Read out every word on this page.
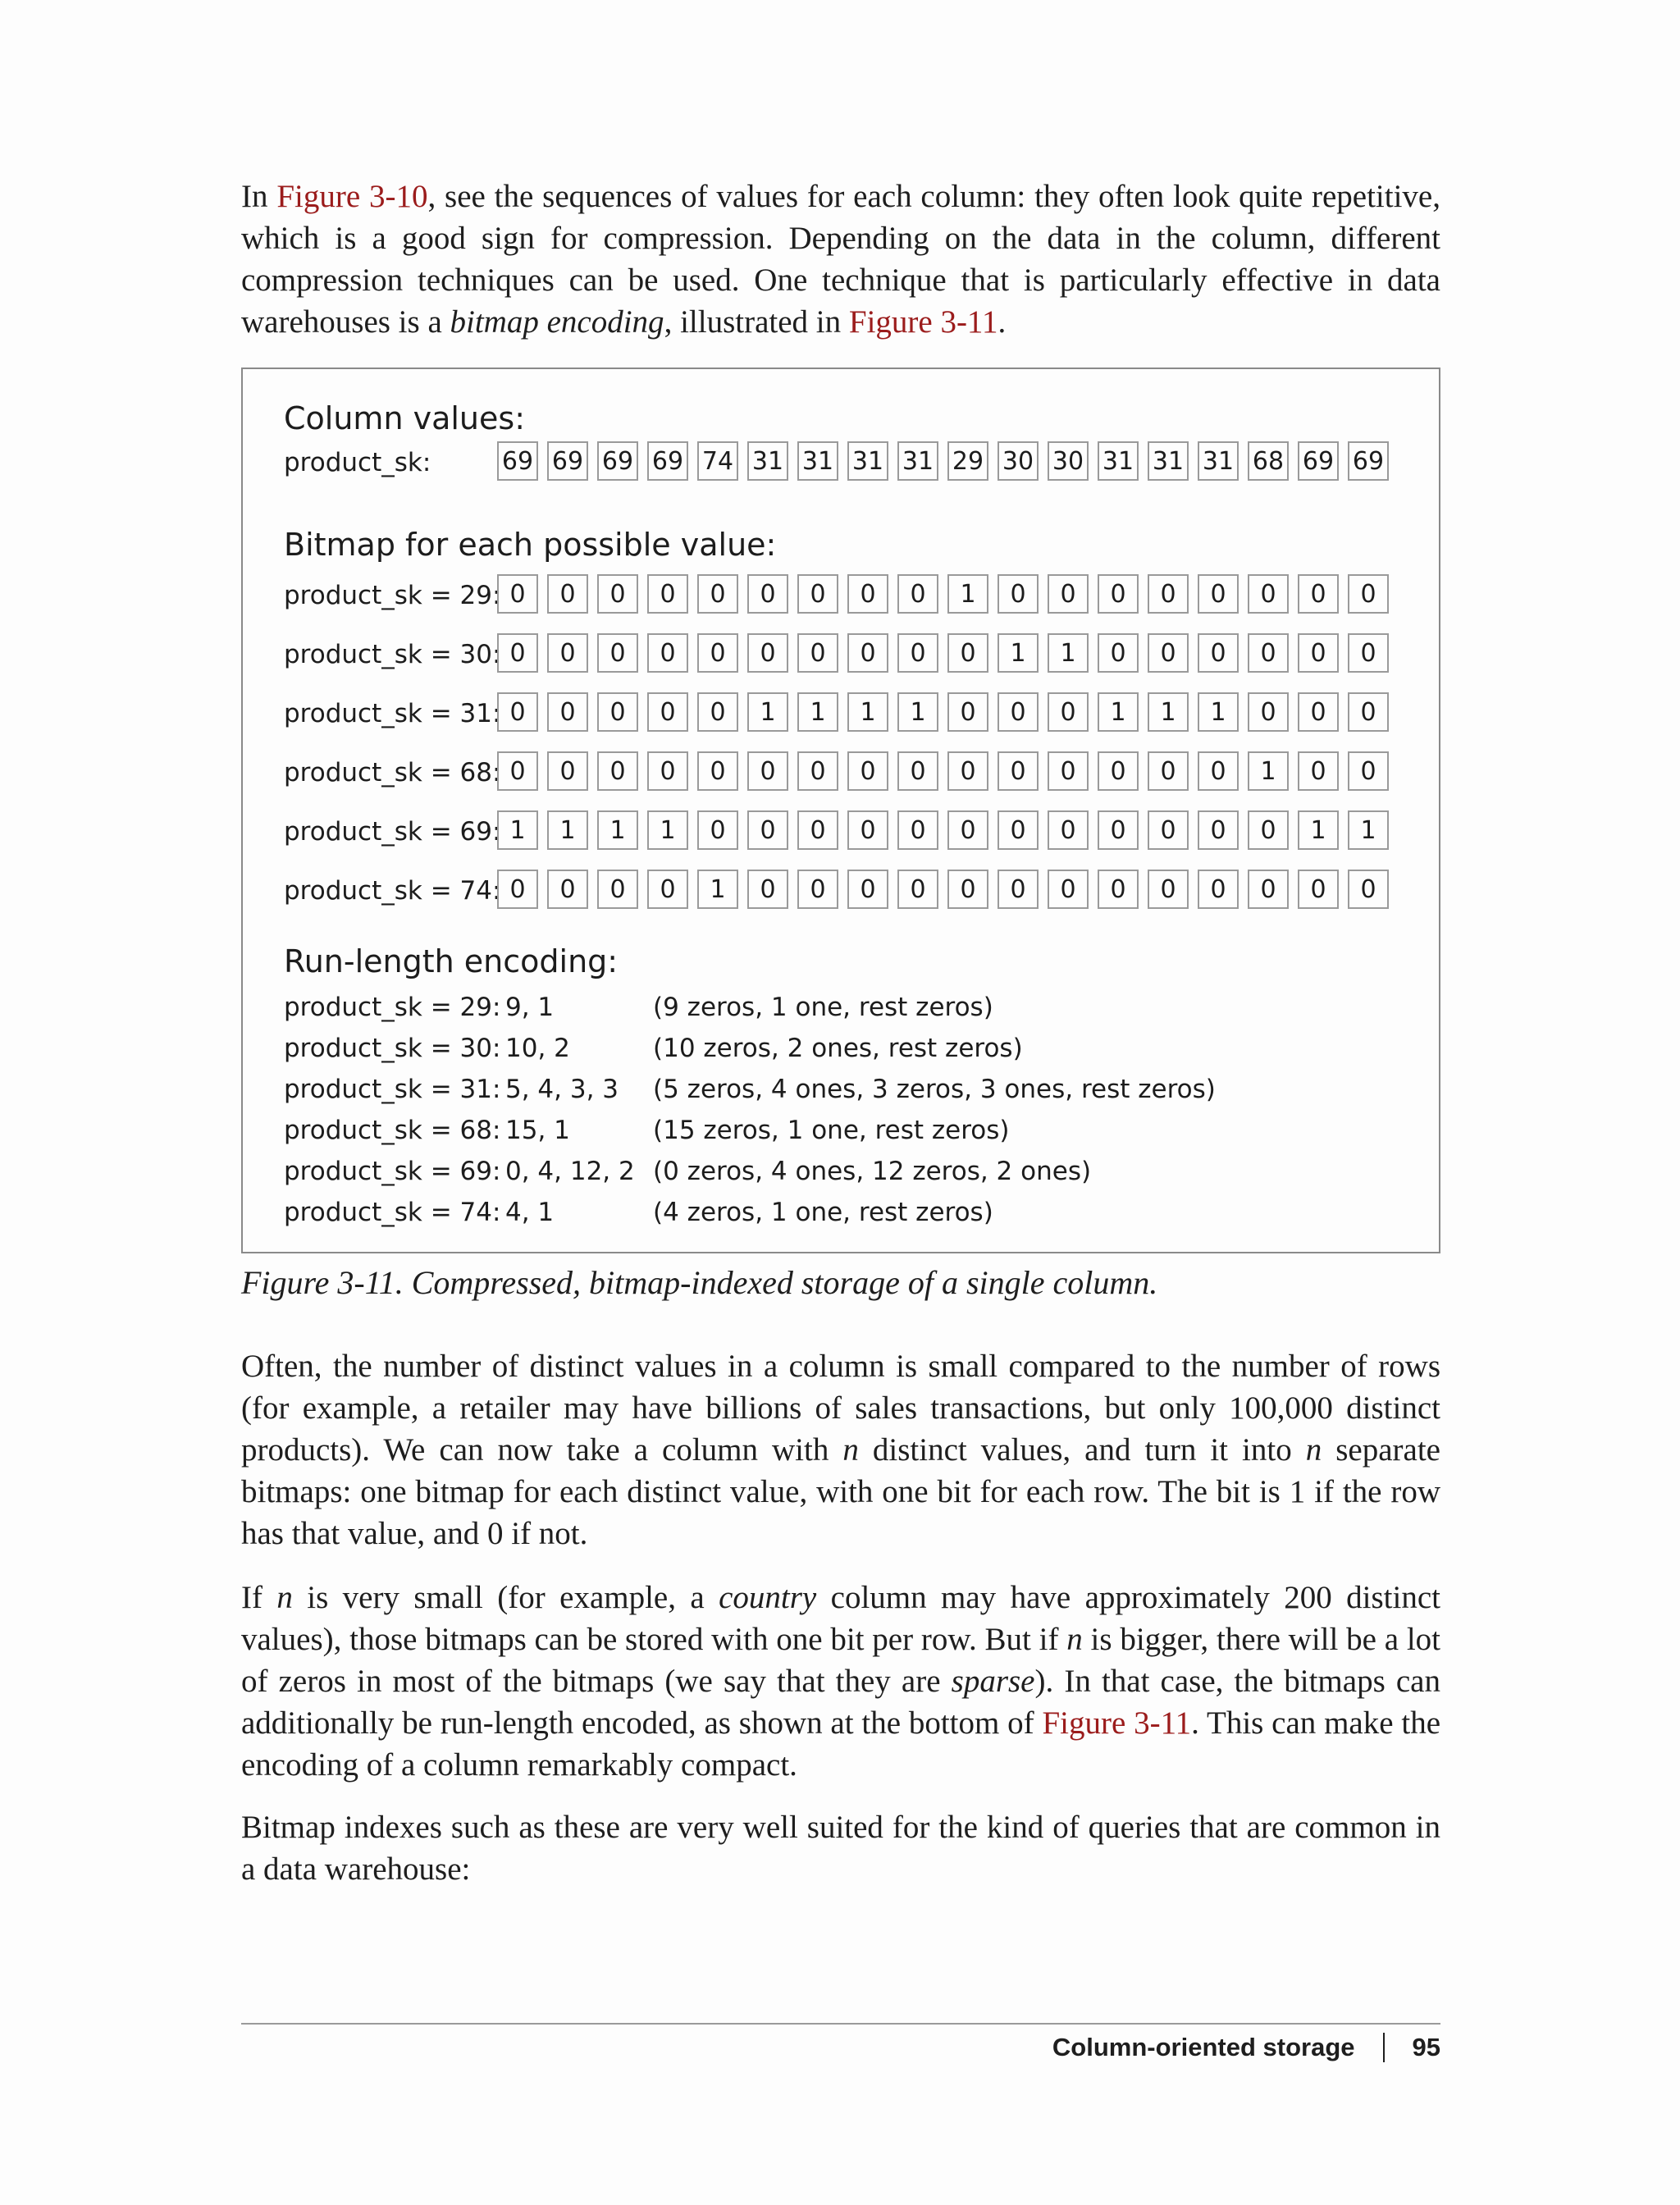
In Figure 3-10, see the sequences of values for each column: they often look quite repetitive, which is a good sign for compression. Depending on the data in the column, different compression techniques can be used. One technique that is particularly effective in data warehouses is a bitmap encoding, illustrated in Figure 3-11.

Column values:
product_sk:	69 69 69 69 74 31 31 31 31 29 30 30 31 31 31 68 69 69
Bitmap for each possible value:
product_sk = 29: 0	0	0	0	0	0	0	0	0	1	0	0	0	0	0	0	0	0
product_sk = 30: 0	0	0	0	0	0	0	0	0	0	1	1	0	0	0	0	0	0
product_sk = 31: 0	0	0	0	0	1	1	1	1	0	0	0	1	1	1	0	0	0
product_sk = 68: 0	0	0	0	0	0	0	0	0	0	0	0	0	0	0	1	0	0
product_sk = 69: 1	1	1	1	0	0	0	0	0	0	0	0	0	0	0	0	1	1
product_sk = 74: 0	0	0	0	1	0	0	0	0	0	0	0	0	0	0	0	0	0
Run-length encoding:
product_sk = 29: 9, 1	(9 zeros, 1 one, rest zeros)
product_sk = 30: 10, 2	(10 zeros, 2 ones, rest zeros)
product_sk = 31: 5, 4, 3, 3 (5 zeros, 4 ones, 3 zeros, 3 ones, rest zeros)
product_sk = 68: 15, 1	(15 zeros, 1 one, rest zeros)
product_sk = 69: 0, 4, 12, 2 (0 zeros, 4 ones, 12 zeros, 2 ones)
product_sk = 74: 4, 1	(4 zeros, 1 one, rest zeros)

Figure 3-11. Compressed, bitmap-indexed storage of a single column.

Often, the number of distinct values in a column is small compared to the number of rows (for example, a retailer may have billions of sales transactions, but only 100,000 distinct products). We can now take a column with n distinct values, and turn it into n separate bitmaps: one bitmap for each distinct value, with one bit for each row. The bit is 1 if the row has that value, and 0 if not.

If n is very small (for example, a country column may have approximately 200 distinct values), those bitmaps can be stored with one bit per row. But if n is bigger, there will be a lot of zeros in most of the bitmaps (we say that they are sparse). In that case, the bitmaps can additionally be run-length encoded, as shown at the bottom of Figure 3-11. This can make the encoding of a column remarkably compact.

Bitmap indexes such as these are very well suited for the kind of queries that are common in a data warehouse:

Column-oriented storage 95
